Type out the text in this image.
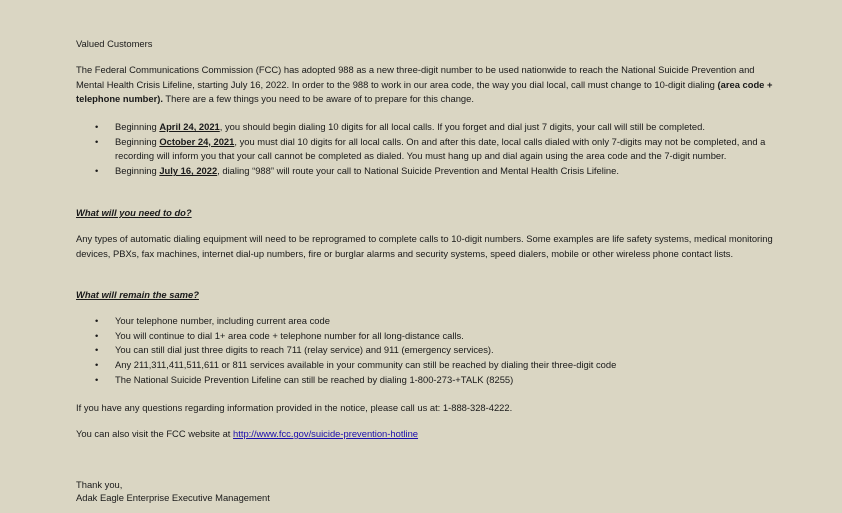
Valued Customers

The Federal Communications Commission (FCC) has adopted 988 as a new three-digit number to be used nationwide to reach the National Suicide Prevention and Mental Health Crisis Lifeline, starting July 16, 2022. In order to the 988 to work in our area code, the way you dial local, call must change to 10-digit dialing (area code + telephone number). There are a few things you need to be aware of to prepare for this change.

• Beginning April 24, 2021, you should begin dialing 10 digits for all local calls. If you forget and dial just 7 digits, your call will still be completed.
• Beginning October 24, 2021, you must dial 10 digits for all local calls. On and after this date, local calls dialed with only 7-digits may not be completed, and a recording will inform you that your call cannot be completed as dialed. You must hang up and dial again using the area code and the 7-digit number.
• Beginning July 16, 2022, dialing “988” will route your call to National Suicide Prevention and Mental Health Crisis Lifeline.

What will you need to do?

Any types of automatic dialing equipment will need to be reprogramed to complete calls to 10-digit numbers. Some examples are life safety systems, medical monitoring devices, PBXs, fax machines, internet dial-up numbers, fire or burglar alarms and security systems, speed dialers, mobile or other wireless phone contact lists.

What will remain the same?

• Your telephone number, including current area code
• You will continue to dial 1+ area code + telephone number for all long-distance calls.
• You can still dial just three digits to reach 711 (relay service) and 911 (emergency services).
• Any 211,311,411,511,611 or 811 services available in your community can still be reached by dialing their three-digit code
• The National Suicide Prevention Lifeline can still be reached by dialing 1-800-273-+TALK (8255)

If you have any questions regarding information provided in the notice, please call us at: 1-888-328-4222.

You can also visit the FCC website at http://www.fcc.gov/suicide-prevention-hotline

Thank you,

Adak Eagle Enterprise Executive Management
